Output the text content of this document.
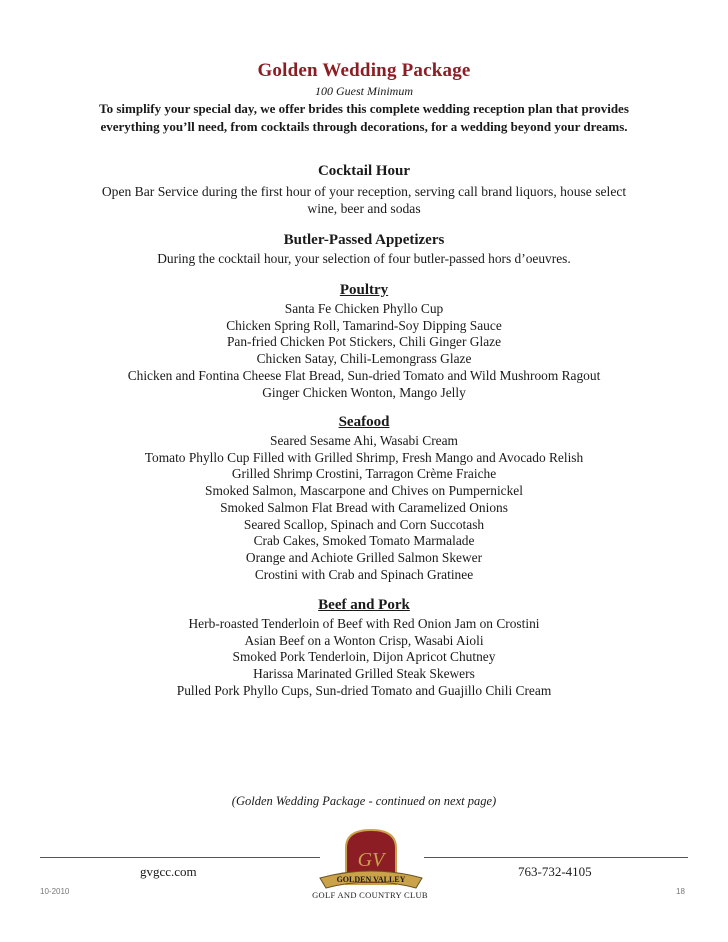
Golden Wedding Package
100 Guest Minimum
To simplify your special day, we offer brides this complete wedding reception plan that provides
everything you’ll need, from cocktails through decorations, for a wedding beyond your dreams.
Cocktail Hour
Open Bar Service during the first hour of your reception, serving call brand liquors, house select
wine, beer and sodas
Butler-Passed Appetizers
During the cocktail hour, your selection of four butler-passed hors d’oeuvres.
Poultry
Santa Fe Chicken Phyllo Cup
Chicken Spring Roll, Tamarind-Soy Dipping Sauce
Pan-fried Chicken Pot Stickers, Chili Ginger Glaze
Chicken Satay, Chili-Lemongrass Glaze
Chicken and Fontina Cheese Flat Bread, Sun-dried Tomato and Wild Mushroom Ragout
Ginger Chicken Wonton, Mango Jelly
Seafood
Seared Sesame Ahi, Wasabi Cream
Tomato Phyllo Cup Filled with Grilled Shrimp, Fresh Mango and Avocado Relish
Grilled Shrimp Crostini, Tarragon Crème Fraiche
Smoked Salmon, Mascarpone and Chives on Pumpernickel
Smoked Salmon Flat Bread with Caramelized Onions
Seared Scallop, Spinach and Corn Succotash
Crab Cakes, Smoked Tomato Marmalade
Orange and Achiote Grilled Salmon Skewer
Crostini with Crab and Spinach Gratinee
Beef and Pork
Herb-roasted Tenderloin of Beef with Red Onion Jam on Crostini
Asian Beef on a Wonton Crisp, Wasabi Aioli
Smoked Pork Tenderloin, Dijon Apricot Chutney
Harissa Marinated Grilled Steak Skewers
Pulled Pork Phyllo Cups, Sun-dried Tomato and Guajillo Chili Cream
(Golden Wedding Package - continued on next page)
gvgcc.com	763-732-4105
10-2010	18
GV
GOLDEN VALLEY
GOLF AND COUNTRY CLUB
